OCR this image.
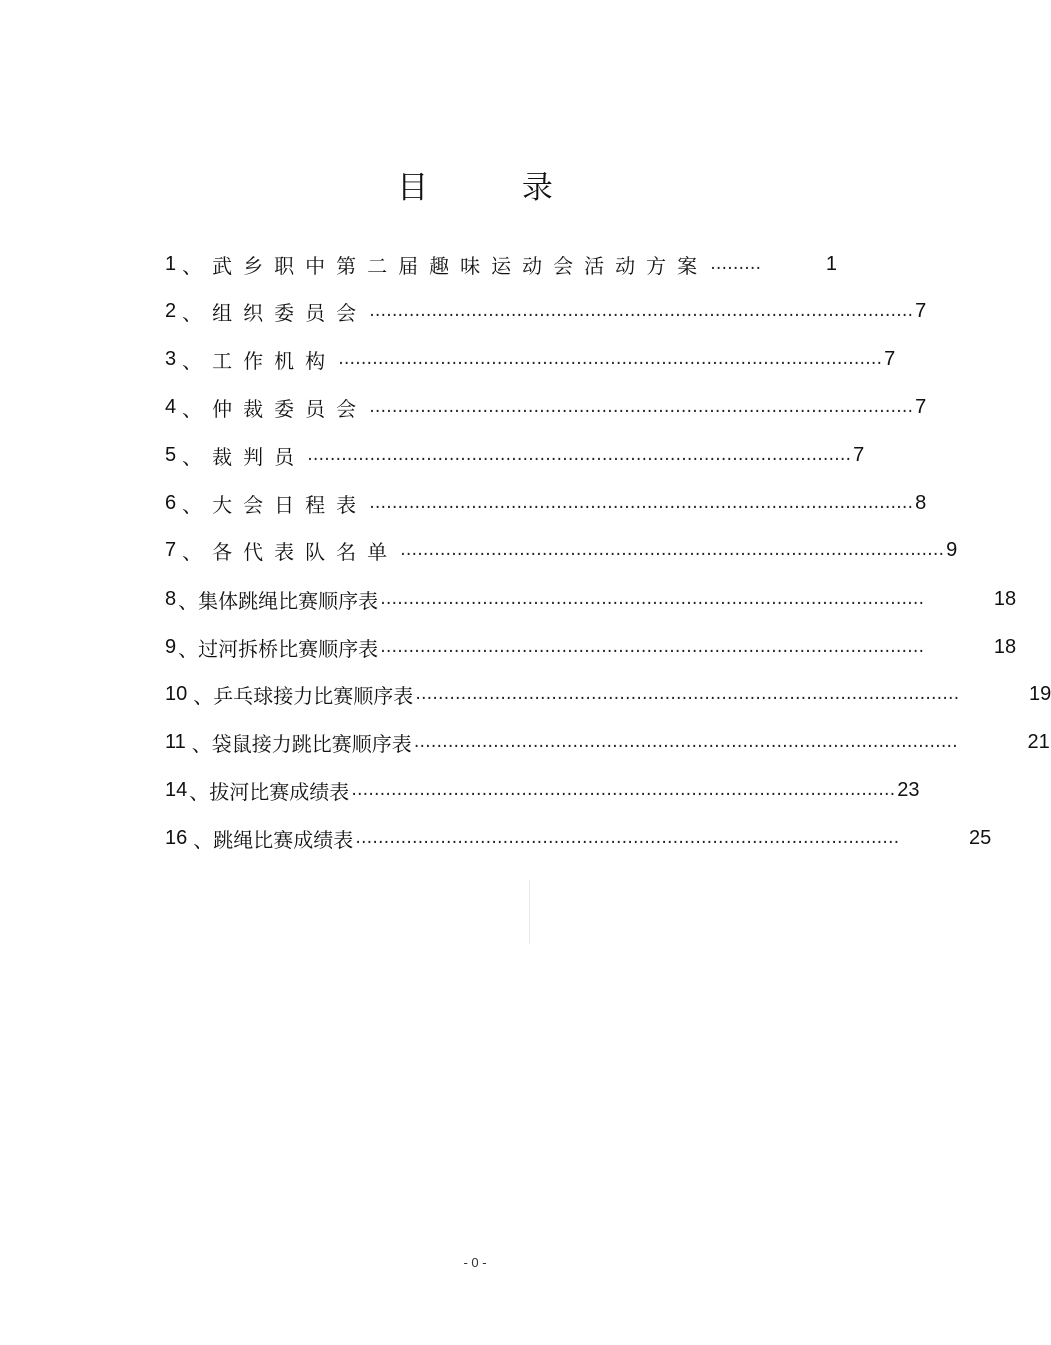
目 录
1 、 武乡职中第二届趣味运动会活动方案 ………	1
2 、 组织委员会 …………………………………………………………………………………… 7
3 、 工作机构 …………………………………………………………………………………… 7
4 、 仲裁委员会 …………………………………………………………………………………… 7
5 、 裁判员 …………………………………………………………………………………… 7
6 、 大会日程表 …………………………………………………………………………………… 8
7 、 各代表队名单 …………………………………………………………………………………… 9
8 、 集体跳绳比赛顺序表 ……………………………………………………………………………………	18
9 、 过河拆桥比赛顺序表 ……………………………………………………………………………………	18
10 、 乒乓球接力比赛顺序表 ……………………………………………………………………………………	19
11 、 袋鼠接力跳比赛顺序表 ……………………………………………………………………………………	21
14 、 拔河比赛成绩表 …………………………………………………………………………………… 23
16 、 跳绳比赛成绩表 ……………………………………………………………………………………	25
- 0 -
